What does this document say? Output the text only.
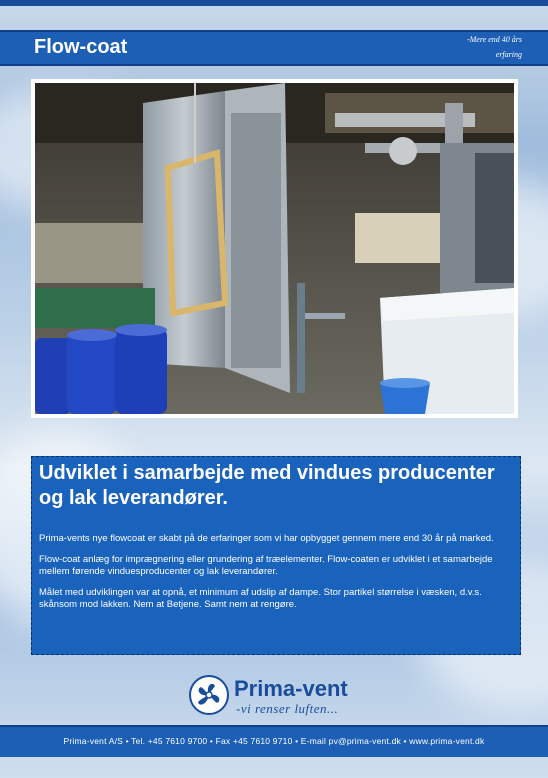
Flow-coat	-Mere end 40 års
erfaring
Udviklet i samarbejde med vindues producenter og lak leverandører.

Prima-vents nye flowcoat er skabt på de erfaringer som vi har opbygget gennem mere end 30 år på marked.

Flow-coat anlæg for imprægnering eller grundering af træelementer. Flow-coaten er udviklet i et samarbejde mellem førende vinduesproducenter og lak leverandører.

Målet med udviklingen var at opnå, et minimum af udslip af dampe. Stor partikel størrelse i væsken, d.v.s. skånsom mod lakken. Nem at Betjene. Samt nem at rengøre.

Prima-vent
-vi renser luften...
Prima-vent A/S • Tel. +45 7610 9700 • Fax +45 7610 9710 • E-mail pv@prima-vent.dk • www.prima-vent.dk
